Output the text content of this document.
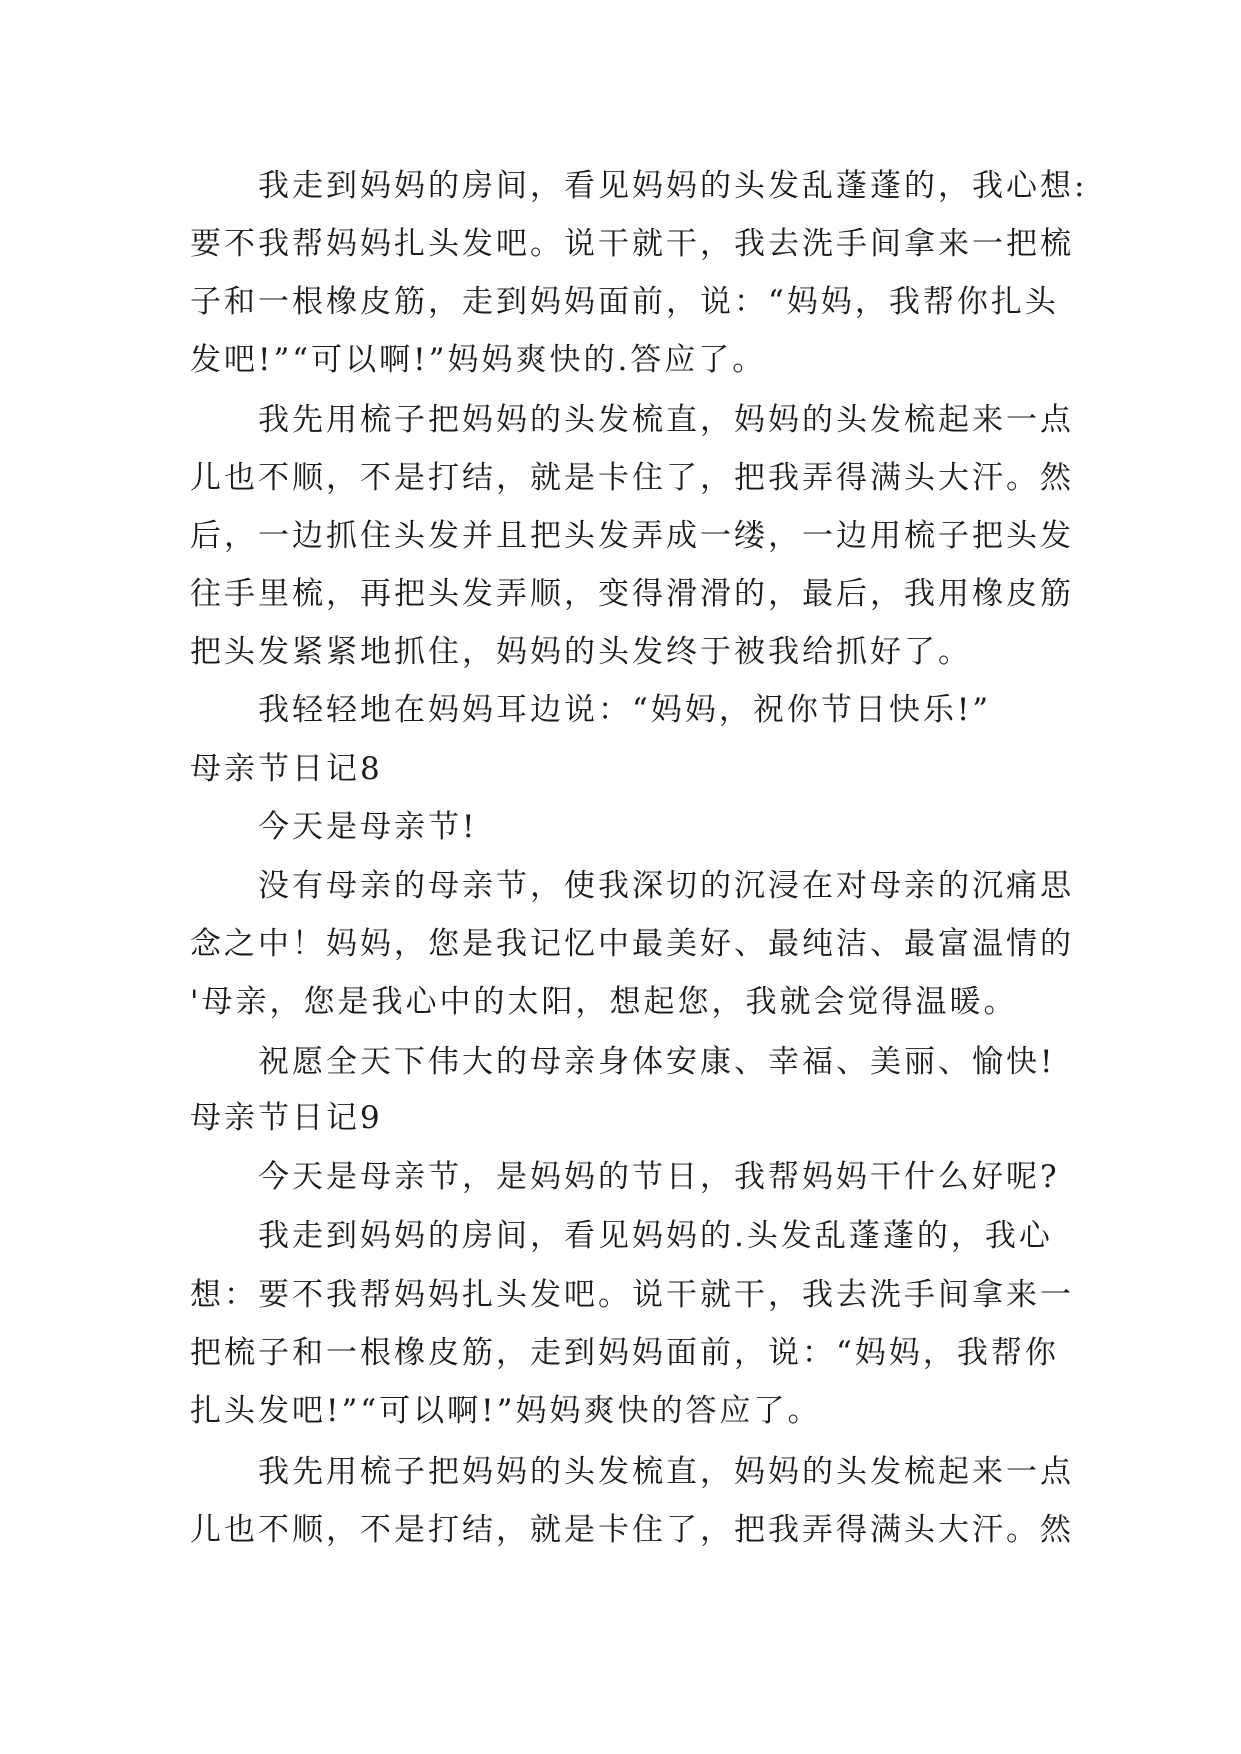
我走到妈妈的房间，看见妈妈的头发乱蓬蓬的，我心想:
要不我帮妈妈扎头发吧。说干就干，我去洗手间拿来一把梳
子和一根橡皮筋，走到妈妈面前，说：“妈妈，我帮你扎头
发吧!”“可以啊!”妈妈爽快的.答应了。
我先用梳子把妈妈的头发梳直，妈妈的头发梳起来一点
儿也不顺，不是打结，就是卡住了，把我弄得满头大汗。然
后，一边抓住头发并且把头发弄成一缕，一边用梳子把头发
往手里梳，再把头发弄顺，变得滑滑的，最后，我用橡皮筋
把头发紧紧地抓住，妈妈的头发终于被我给抓好了。
我轻轻地在妈妈耳边说：“妈妈，祝你节日快乐!”
母亲节日记8
今天是母亲节!
没有母亲的母亲节，使我深切的沉浸在对母亲的沉痛思
念之中！妈妈，您是我记忆中最美好、最纯洁、最富温情的
'母亲，您是我心中的太阳，想起您，我就会觉得温暖。
祝愿全天下伟大的母亲身体安康、幸福、美丽、愉快!
母亲节日记9
今天是母亲节，是妈妈的节日，我帮妈妈干什么好呢?
我走到妈妈的房间，看见妈妈的.头发乱蓬蓬的，我心
想：要不我帮妈妈扎头发吧。说干就干，我去洗手间拿来一
把梳子和一根橡皮筋，走到妈妈面前，说：“妈妈，我帮你
扎头发吧!”“可以啊!”妈妈爽快的答应了。
我先用梳子把妈妈的头发梳直，妈妈的头发梳起来一点
儿也不顺，不是打结，就是卡住了，把我弄得满头大汗。然
